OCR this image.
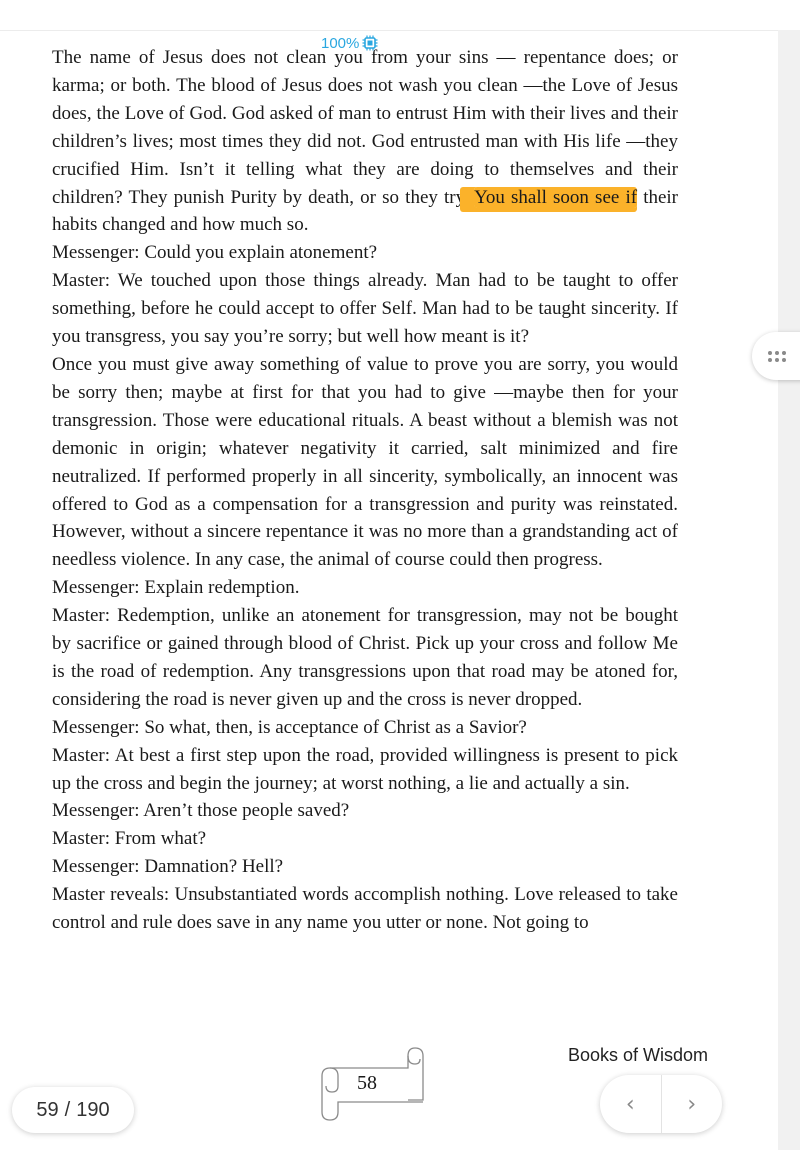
100%

The name of Jesus does not clean you from your sins — repentance does; or karma; or both. The blood of Jesus does not wash you clean —the Love of Jesus does, the Love of God. God asked of man to entrust Him with their lives and their children’s lives; most times they did not. God entrusted man with His life —they crucified Him. Isn’t it telling what they are doing to themselves and their children? They punish Purity by death, or so they try. You shall soon see if their habits changed and how much so.

Messenger: Could you explain atonement?

Master: We touched upon those things already. Man had to be taught to offer something, before he could accept to offer Self. Man had to be taught sincerity. If you transgress, you say you’re sorry; but well how meant is it?

Once you must give away something of value to prove you are sorry, you would be sorry then; maybe at first for that you had to give —maybe then for your transgression. Those were educational rituals. A beast without a blemish was not demonic in origin; whatever negativity it carried, salt minimized and fire neutralized. If performed properly in all sincerity, symbolically, an innocent was offered to God as a compensation for a transgression and purity was reinstated. However, without a sincere repentance it was no more than a grandstanding act of needless violence. In any case, the animal of course could then progress.

Messenger: Explain redemption.

Master: Redemption, unlike an atonement for transgression, may not be bought by sacrifice or gained through blood of Christ. Pick up your cross and follow Me is the road of redemption. Any transgressions upon that road may be atoned for, considering the road is never given up and the cross is never dropped.

Messenger: So what, then, is acceptance of Christ as a Savior?

Master: At best a first step upon the road, provided willingness is present to pick up the cross and begin the journey; at worst nothing, a lie and actually a sin.

Messenger: Aren’t those people saved?

Master: From what?

Messenger: Damnation? Hell?

Master reveals: Unsubstantiated words accomplish nothing. Love released to take control and rule does save in any name you utter or none. Not going to

Books of Wisdom
58
59 / 190	‹ ›
